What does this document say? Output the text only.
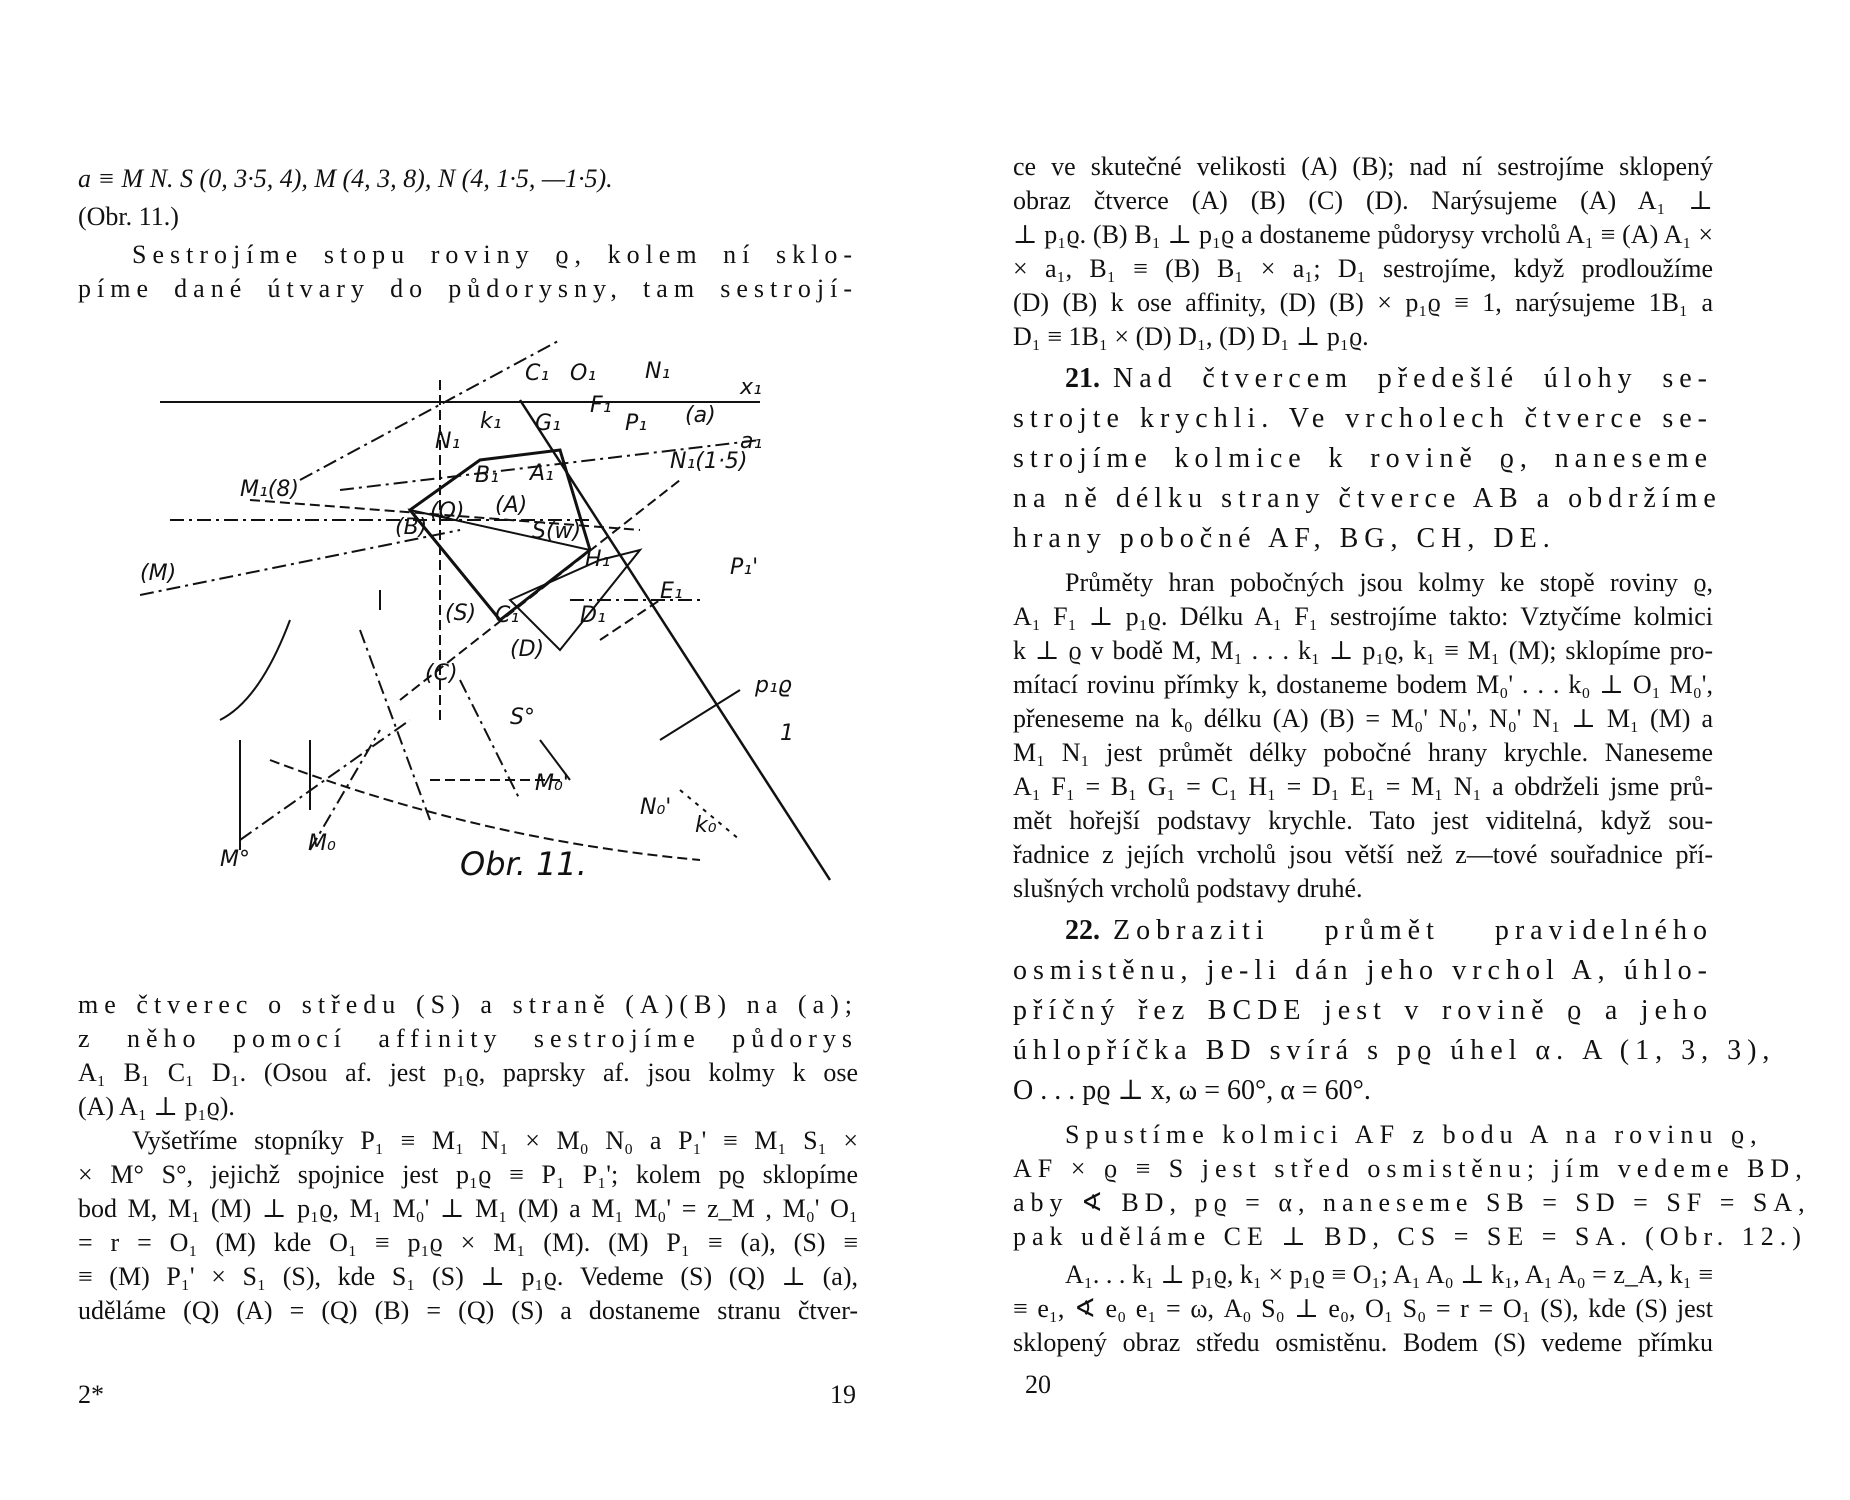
a ≡ M N. S (0, 3·5, 4), M (4, 3, 8), N (4, 1·5, —1·5).
(Obr. 11.)
Sestrojíme stopu roviny ϱ, kolem ní sklo-
píme dané útvary do půdorysny, tam sestrojí-
x₁
a₁
(a)
C₁ O₁ N₁
k₁
N₁
G₁
F₁
P₁
N₁(1·5)
M₁(8)
B₁ A₁
(Q) (A)
(B)	S(w)
H₁
E₁
P₁'
(M)
(S) C₁	D₁
(D)
(C)	p₁ϱ
S°
M₀'
N₀'
k₀
M°
M₀
1
Obr. 11.
me čtverec o středu (S) a straně (A)(B) na (a);
z něho pomocí affinity sestrojíme půdorys
A₁ B₁ C₁ D₁. (Osou af. jest p₁ϱ, paprsky af. jsou kolmy k ose
(A) A₁ ⊥ p₁ϱ).
Vyšetříme stopníky P₁ ≡ M₁ N₁ × M₀ N₀ a P₁' ≡ M₁ S₁ ×
× M° S°, jejichž spojnice jest p₁ϱ ≡ P₁ P₁'; kolem pϱ sklopíme
bod M, M₁ (M) ⊥ p₁ϱ, M₁ M₀' ⊥ M₁ (M) a M₁ M₀' = z_M , M₀' O₁
= r = O₁ (M) kde O₁ ≡ p₁ϱ × M₁ (M). (M) P₁ ≡ (a), (S) ≡
≡ (M) P₁' × S₁ (S), kde S₁ (S) ⊥ p₁ϱ. Vedeme (S) (Q) ⊥ (a),
uděláme (Q) (A) = (Q) (B) = (Q) (S) a dostaneme stranu čtver-
2*	19
ce ve skutečné velikosti (A) (B); nad ní sestrojíme sklopený
obraz čtverce (A) (B) (C) (D). Narýsujeme (A) A₁ ⊥
⊥ p₁ϱ. (B) B₁ ⊥ p₁ϱ a dostaneme půdorysy vrcholů A₁ ≡ (A) A₁ ×
× a₁, B₁ ≡ (B) B₁ × a₁; D₁ sestrojíme, když prodloužíme
(D) (B) k ose affinity, (D) (B) × p₁ϱ ≡ 1, narýsujeme 1B₁ a
D₁ ≡ 1B₁ × (D) D₁, (D) D₁ ⊥ p₁ϱ.
21. Nad čtvercem předešlé úlohy se-
strojte krychli. Ve vrcholech čtverce se-
strojíme kolmice k rovině ϱ, naneseme
na ně délku strany čtverce AB a obdržíme
hrany pobočné AF, BG, CH, DE.
Průměty hran pobočných jsou kolmy ke stopě roviny ϱ,
A₁ F₁ ⊥ p₁ϱ. Délku A₁ F₁ sestrojíme takto: Vztyčíme kolmici
k ⊥ ϱ v bodě M, M₁ . . . k₁ ⊥ p₁ϱ, k₁ ≡ M₁ (M); sklopíme pro-
mítací rovinu přímky k, dostaneme bodem M₀' . . . k₀ ⊥ O₁ M₀',
přeneseme na k₀ délku (A) (B) = M₀' N₀', N₀' N₁ ⊥ M₁ (M) a
M₁ N₁ jest průmět délky pobočné hrany krychle. Naneseme
A₁ F₁ = B₁ G₁ = C₁ H₁ = D₁ E₁ = M₁ N₁ a obdrželi jsme prů-
mět hořejší podstavy krychle. Tato jest viditelná, když sou-
řadnice z jejích vrcholů jsou větší než z—tové souřadnice pří-
slušných vrcholů podstavy druhé.
22. Zobraziti průmět pravidelného
osmistěnu, je-li dán jeho vrchol A, úhlo-
příčný řez BCDE jest v rovině ϱ a jeho
úhlopříčka BD svírá s pϱ úhel α. A (1, 3, 3),
O . . . pϱ ⊥ x, ω = 60°, α = 60°.
Spustíme kolmici AF z bodu A na rovinu ϱ,
AF × ϱ ≡ S jest střed osmistěnu; jím vedeme BD,
aby ∢ BD, pϱ = α, naneseme SB = SD = SF = SA,
pak uděláme CE ⊥ BD, CS = SE = SA. (Obr. 12.)
A₁. . . k₁ ⊥ p₁ϱ, k₁ × p₁ϱ ≡ O₁; A₁ A₀ ⊥ k₁, A₁ A₀ = z_A, k₁ ≡
≡ e₁, ∢ e₀ e₁ = ω, A₀ S₀ ⊥ e₀, O₁ S₀ = r = O₁ (S), kde (S) jest
sklopený obraz středu osmistěnu. Bodem (S) vedeme přímku
20
